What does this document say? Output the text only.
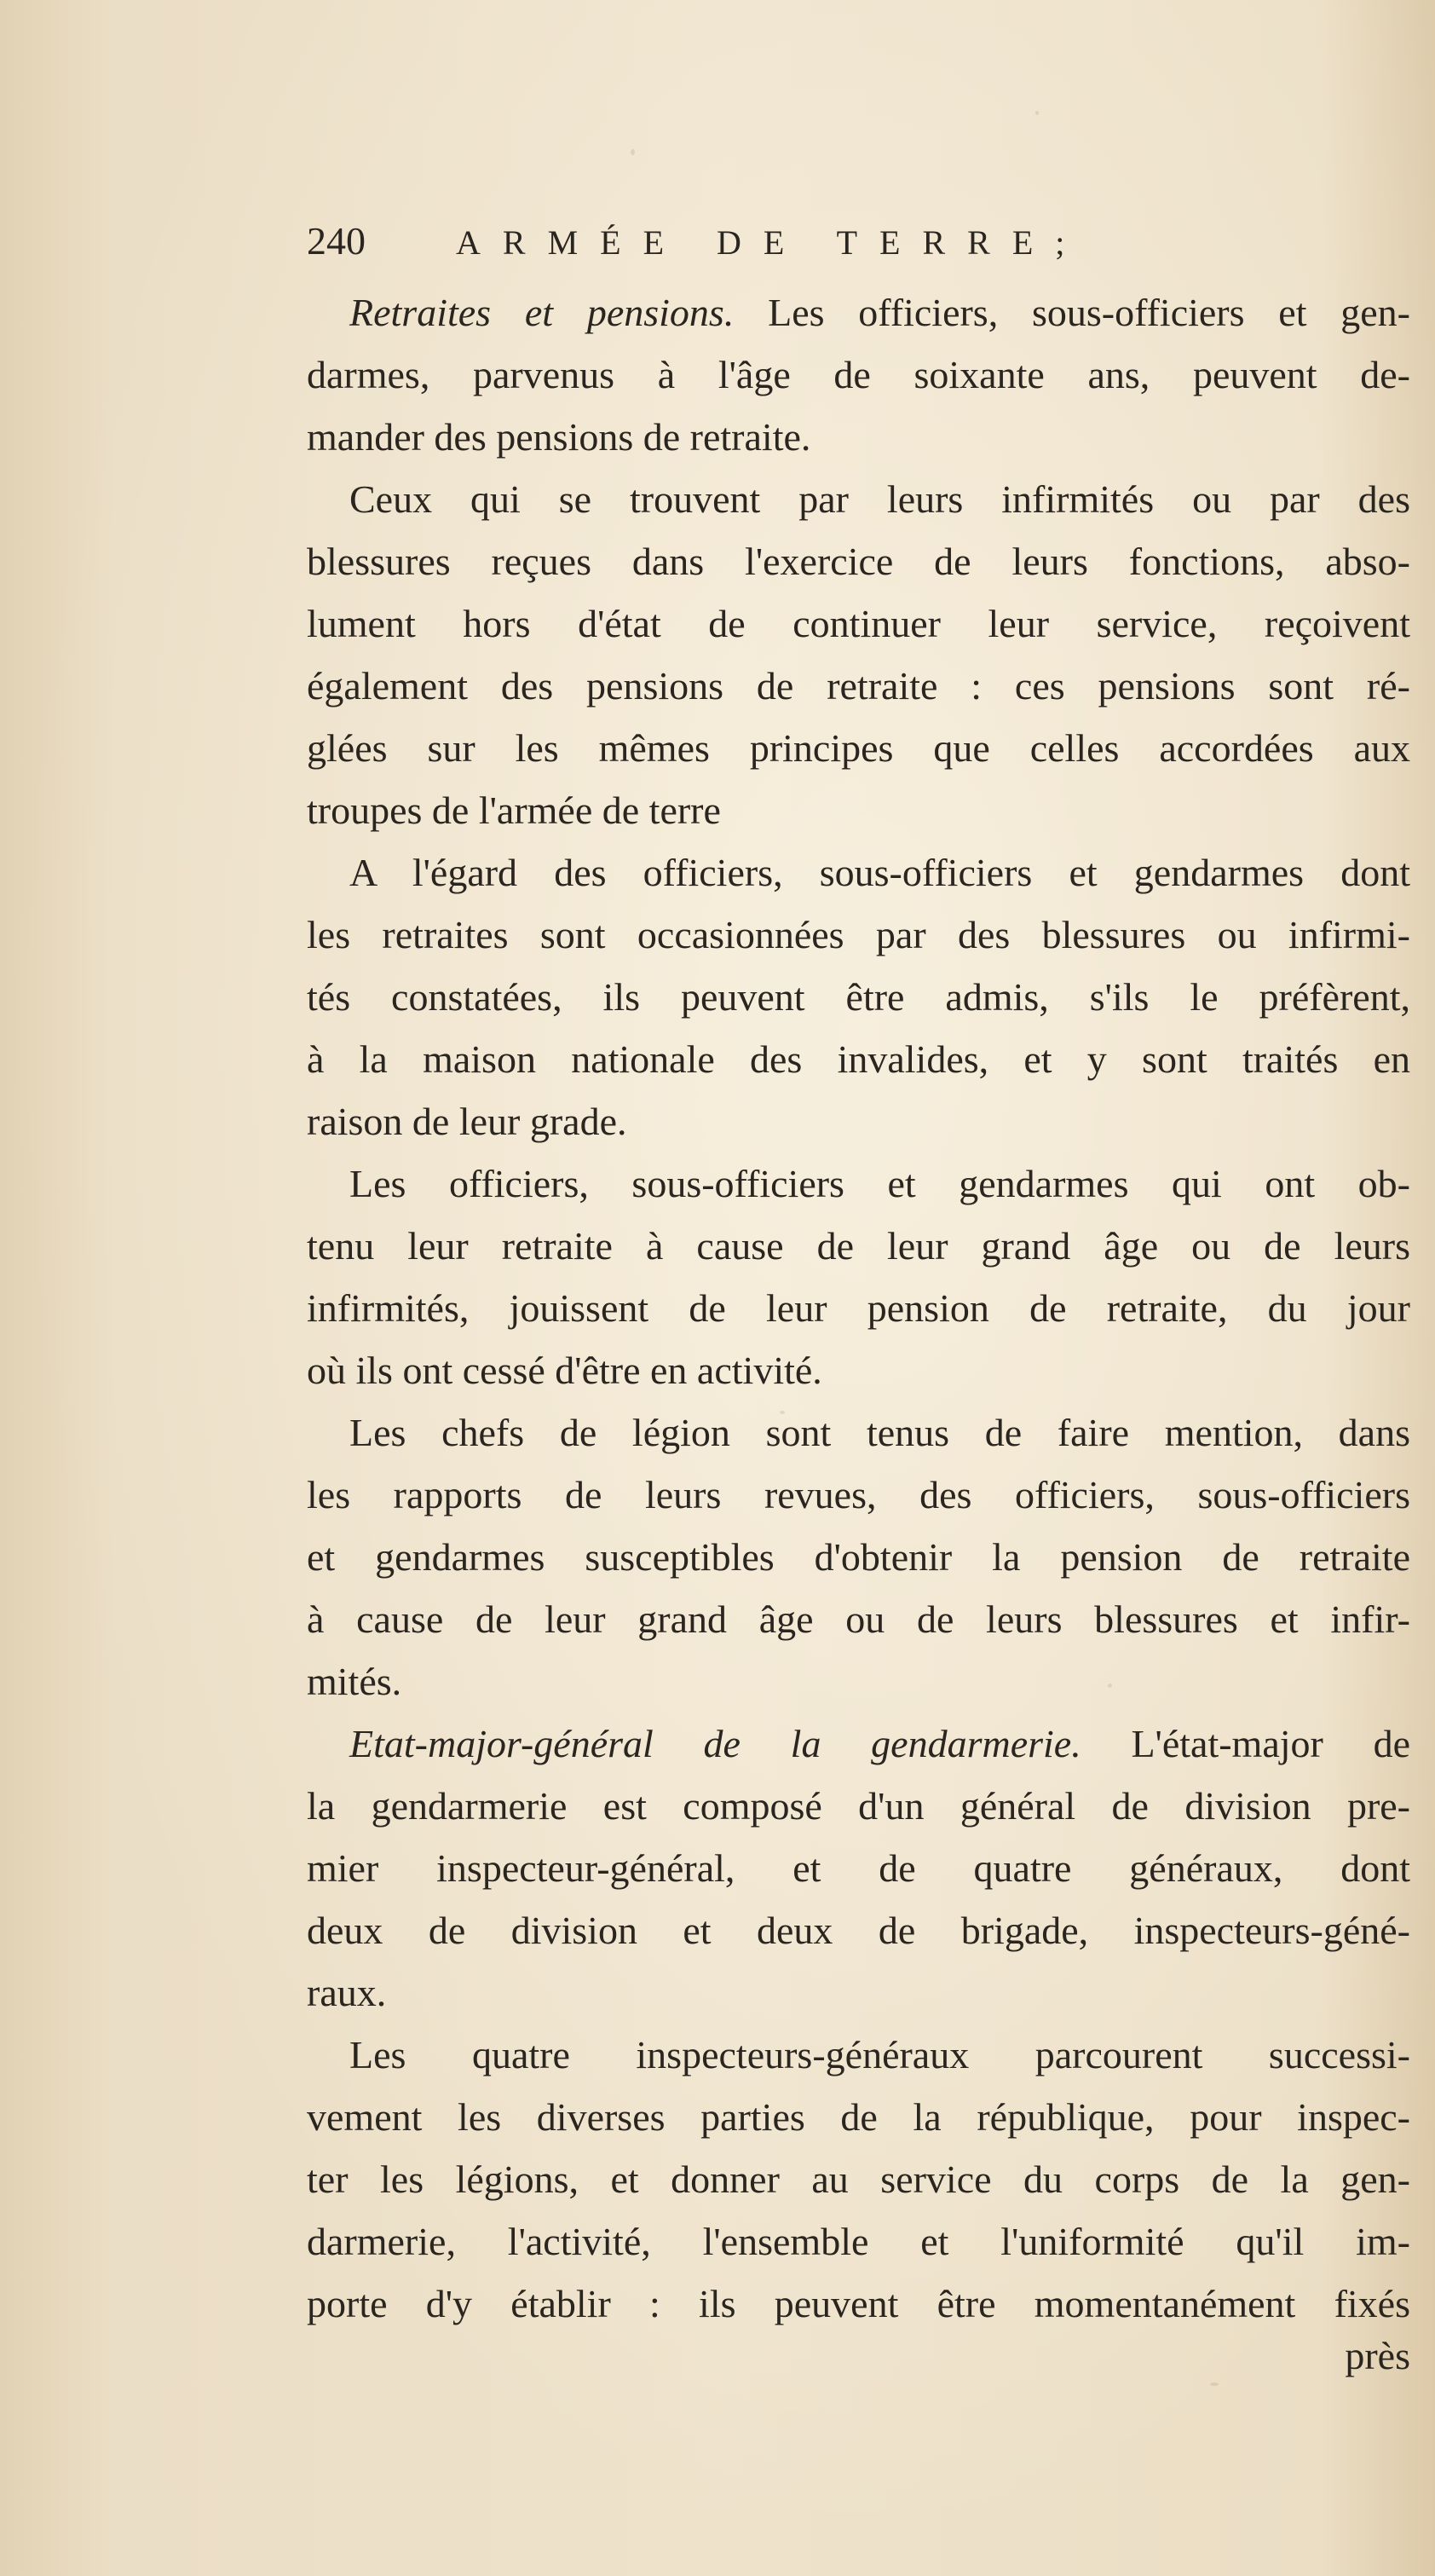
240	ARMÉE DE TERRE;
Retraites et pensions. Les officiers, sous-officiers et gen-
darmes, parvenus à l'âge de soixante ans, peuvent de-
mander des pensions de retraite.
Ceux qui se trouvent par leurs infirmités ou par des
blessures reçues dans l'exercice de leurs fonctions, abso-
lument hors d'état de continuer leur service, reçoivent
également des pensions de retraite : ces pensions sont ré-
glées sur les mêmes principes que celles accordées aux
troupes de l'armée de terre
A l'égard des officiers, sous-officiers et gendarmes dont
les retraites sont occasionnées par des blessures ou infirmi-
tés constatées, ils peuvent être admis, s'ils le préfèrent,
à la maison nationale des invalides, et y sont traités en
raison de leur grade.
Les officiers, sous-officiers et gendarmes qui ont ob-
tenu leur retraite à cause de leur grand âge ou de leurs
infirmités, jouissent de leur pension de retraite, du jour
où ils ont cessé d'être en activité.
Les chefs de légion sont tenus de faire mention, dans
les rapports de leurs revues, des officiers, sous-officiers
et gendarmes susceptibles d'obtenir la pension de retraite
à cause de leur grand âge ou de leurs blessures et infir-
mités.
Etat-major-général de la gendarmerie. L'état-major de
la gendarmerie est composé d'un général de division pre-
mier inspecteur-général, et de quatre généraux, dont
deux de division et deux de brigade, inspecteurs-géné-
raux.
Les quatre inspecteurs-généraux parcourent successi-
vement les diverses parties de la république, pour inspec-
ter les légions, et donner au service du corps de la gen-
darmerie, l'activité, l'ensemble et l'uniformité qu'il im-
porte d'y établir : ils peuvent être momentanément fixés
près
